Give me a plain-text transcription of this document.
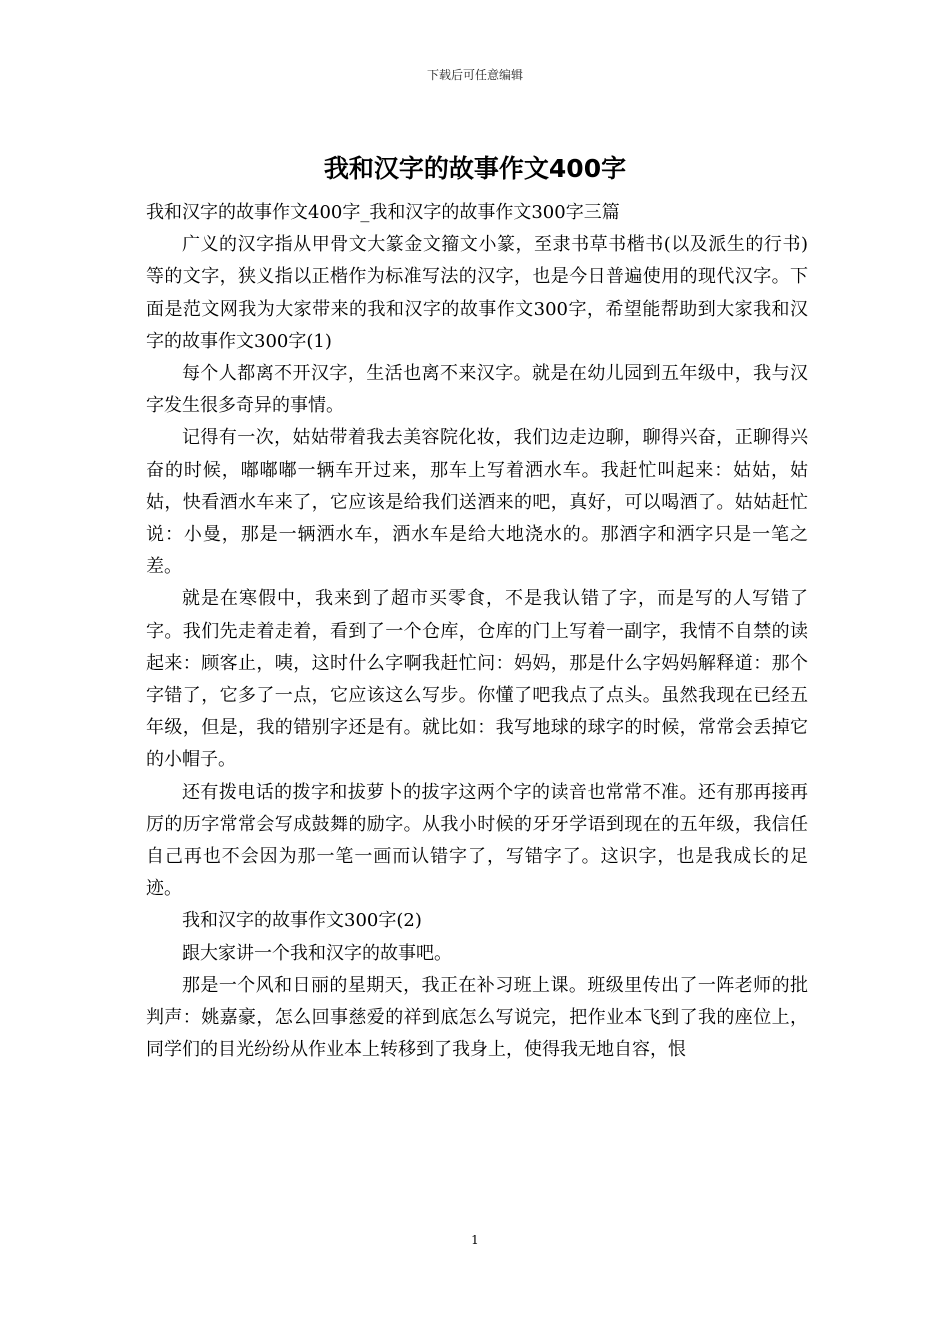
下载后可任意编辑
我和汉字的故事作文400字

我和汉字的故事作文400字_我和汉字的故事作文300字三篇

广义的汉字指从甲骨文大篆金文籀文小篆，至隶书草书楷书(以及派生的行书)等的文字，狭义指以正楷作为标准写法的汉字，也是今日普遍使用的现代汉字。下面是范文网我为大家带来的我和汉字的故事作文300字，希望能帮助到大家我和汉字的故事作文300字(1)

每个人都离不开汉字，生活也离不来汉字。就是在幼儿园到五年级中，我与汉字发生很多奇异的事情。

记得有一次，姑姑带着我去美容院化妆，我们边走边聊，聊得兴奋，正聊得兴奋的时候，嘟嘟嘟一辆车开过来，那车上写着洒水车。我赶忙叫起来：姑姑，姑姑，快看酒水车来了，它应该是给我们送酒来的吧，真好，可以喝酒了。姑姑赶忙说：小曼，那是一辆洒水车，洒水车是给大地浇水的。那酒字和洒字只是一笔之差。

就是在寒假中，我来到了超市买零食，不是我认错了字，而是写的人写错了字。我们先走着走着，看到了一个仓库，仓库的门上写着一副字，我情不自禁的读起来：顾客止，咦，这时什么字啊我赶忙问：妈妈，那是什么字妈妈解释道：那个字错了，它多了一点，它应该这么写步。你懂了吧我点了点头。虽然我现在已经五年级，但是，我的错别字还是有。就比如：我写地球的球字的时候，常常会丢掉它的小帽子。

还有拨电话的拨字和拔萝卜的拔字这两个字的读音也常常不准。还有那再接再厉的历字常常会写成鼓舞的励字。从我小时候的牙牙学语到现在的五年级，我信任自己再也不会因为那一笔一画而认错字了，写错字了。这识字，也是我成长的足迹。

我和汉字的故事作文300字(2)

跟大家讲一个我和汉字的故事吧。

那是一个风和日丽的星期天，我正在补习班上课。班级里传出了一阵老师的批判声：姚嘉豪，怎么回事慈爱的祥到底怎么写说完，把作业本飞到了我的座位上，同学们的目光纷纷从作业本上转移到了我身上，使得我无地自容，恨

1
